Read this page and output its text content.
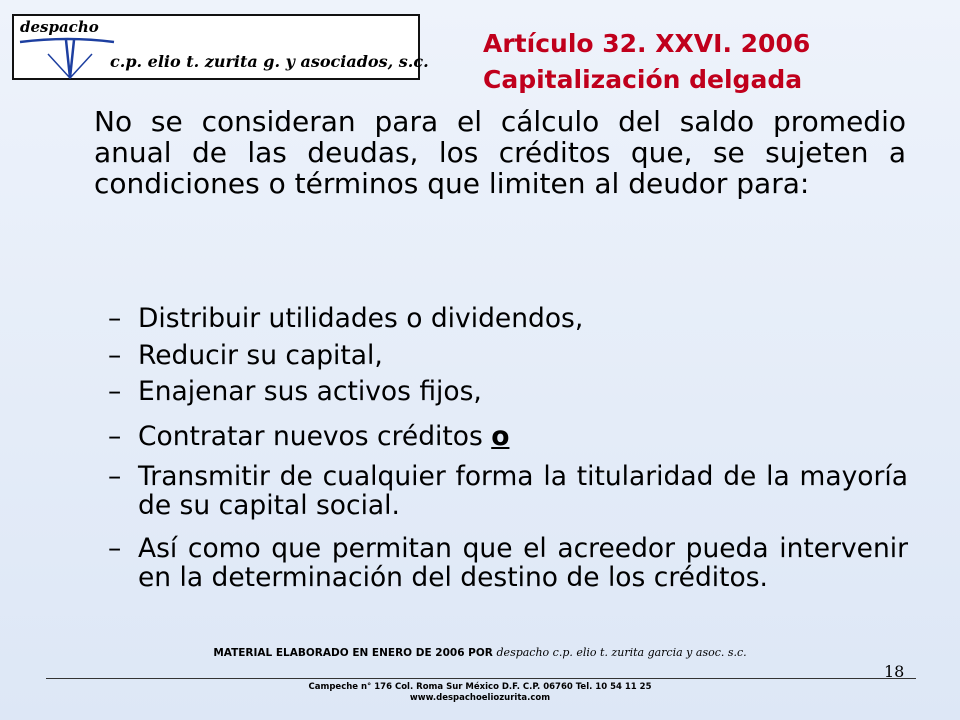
despacho
c.p. elio t. zurita g. y asociados, s.c.
Artículo 32. XXVI. 2006
Capitalización delgada
No se consideran para el cálculo del saldo promedio anual de las deudas, los créditos que, se sujeten a condiciones o términos que limiten al deudor para:
– Distribuir utilidades o dividendos,
– Reducir su capital,
– Enajenar sus activos fijos,
– Contratar nuevos créditos o
– Transmitir de cualquier forma la titularidad de la mayoría de su capital social.
– Así como que permitan que el acreedor pueda intervenir en la determinación del destino de los créditos.
MATERIAL ELABORADO EN ENERO DE 2006 POR despacho c.p. elio t. zurita garcia y asoc. s.c.
18
Campeche n° 176 Col. Roma Sur México D.F. C.P. 06760 Tel. 10 54 11 25
www.despachoeliozurita.com
